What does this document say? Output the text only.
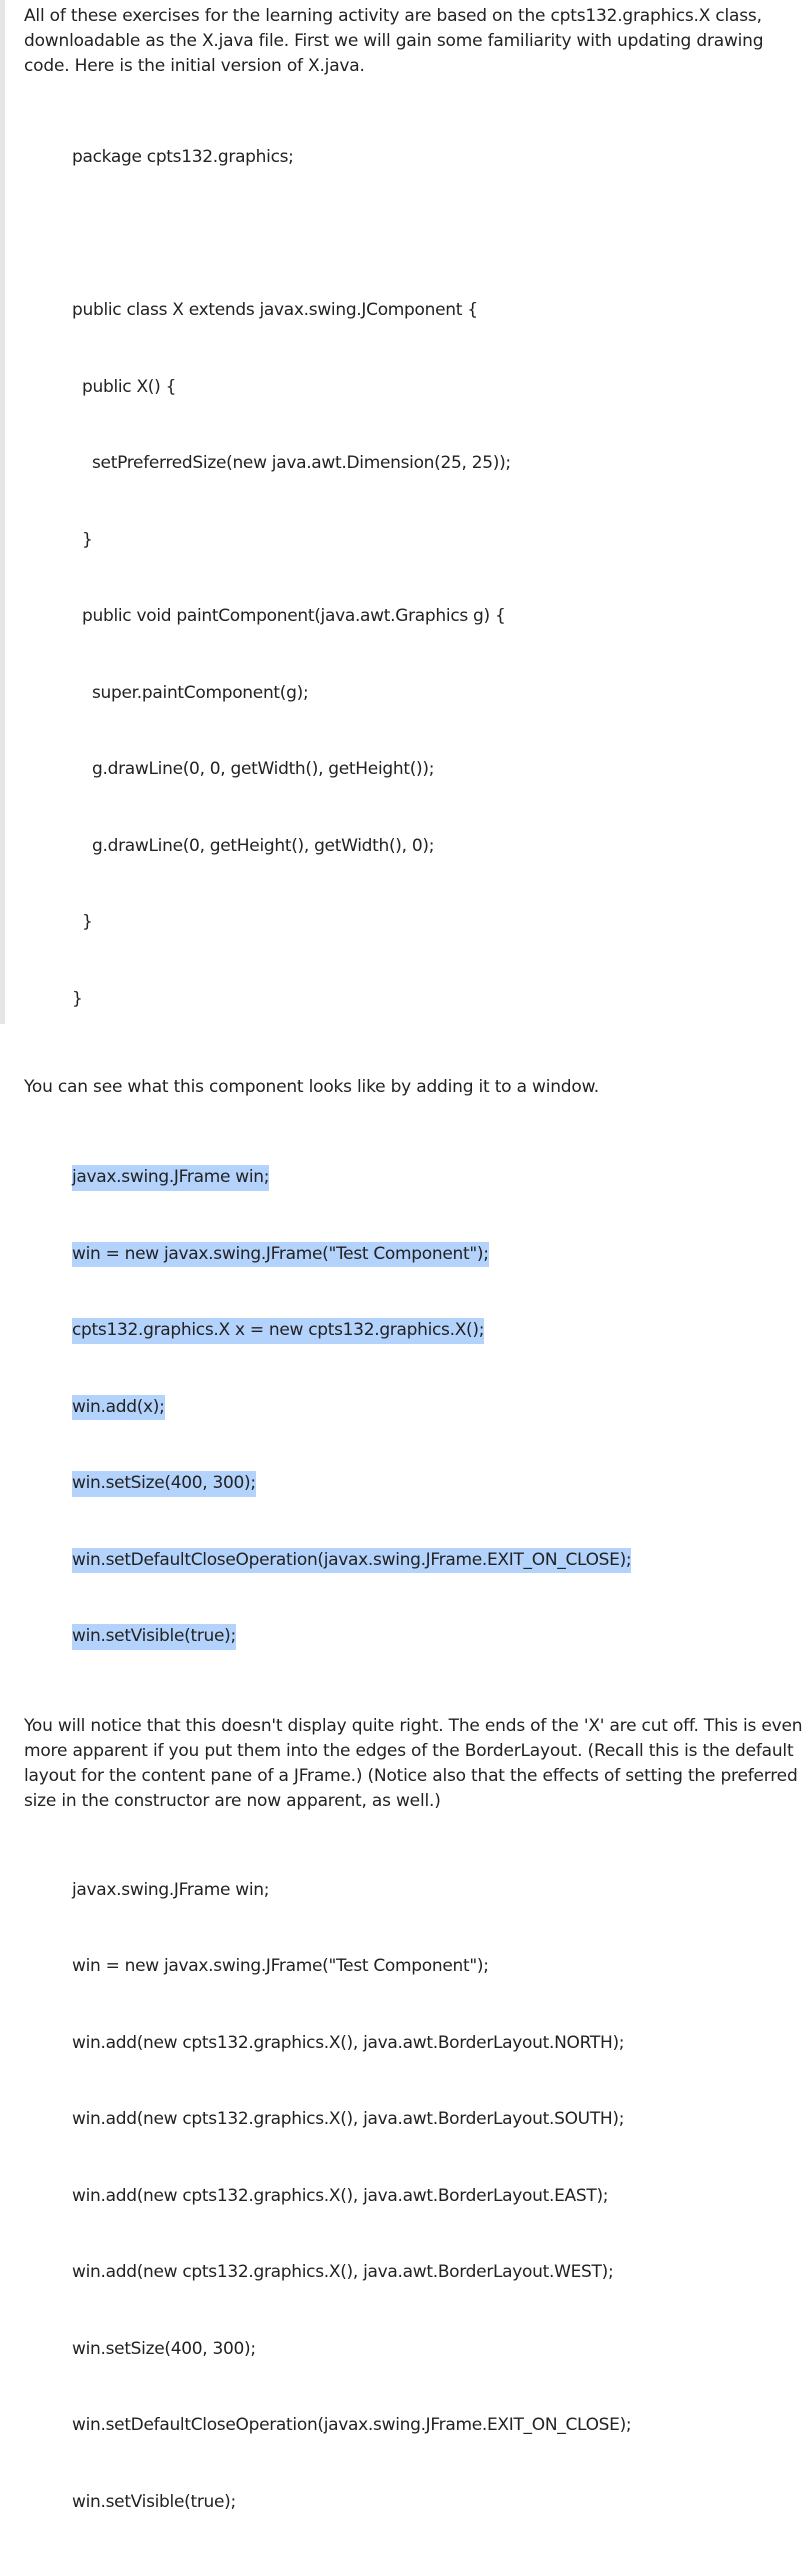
All of these exercises for the learning activity are based on the cpts132.graphics.X class, downloadable as the X.java file. First we will gain some familiarity with updating drawing code. Here is the initial version of X.java.

package cpts132.graphics;

public class X extends javax.swing.JComponent {

public X() {

setPreferredSize(new java.awt.Dimension(25, 25));

}

public void paintComponent(java.awt.Graphics g) {

super.paintComponent(g);

g.drawLine(0, 0, getWidth(), getHeight());

g.drawLine(0, getHeight(), getWidth(), 0);

}

}

You can see what this component looks like by adding it to a window.

javax.swing.JFrame win;

win = new javax.swing.JFrame("Test Component");

cpts132.graphics.X x = new cpts132.graphics.X();

win.add(x);

win.setSize(400, 300);

win.setDefaultCloseOperation(javax.swing.JFrame.EXIT_ON_CLOSE);

win.setVisible(true);

You will notice that this doesn't display quite right. The ends of the 'X' are cut off. This is even more apparent if you put them into the edges of the BorderLayout. (Recall this is the default layout for the content pane of a JFrame.) (Notice also that the effects of setting the preferred size in the constructor are now apparent, as well.)

javax.swing.JFrame win;

win = new javax.swing.JFrame("Test Component");

win.add(new cpts132.graphics.X(), java.awt.BorderLayout.NORTH);

win.add(new cpts132.graphics.X(), java.awt.BorderLayout.SOUTH);

win.add(new cpts132.graphics.X(), java.awt.BorderLayout.EAST);

win.add(new cpts132.graphics.X(), java.awt.BorderLayout.WEST);

win.setSize(400, 300);

win.setDefaultCloseOperation(javax.swing.JFrame.EXIT_ON_CLOSE);

win.setVisible(true);
